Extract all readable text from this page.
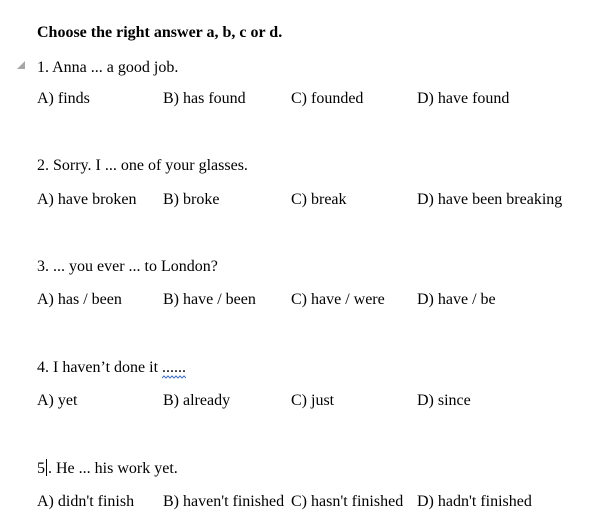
Choose the right answer a, b, c or d.
1. Anna ... a good job.
A) finds	B) has found	C) founded	D) have found
2. Sorry. I ... one of your glasses.
A) have broken B) broke	C) break	D) have been breaking
3. ... you ever ... to London?
A) has / been	B) have / been C) have / were D) have / be
4. I haven’t done it ......
A) yet	B) already	C) just	D) since
5 . He ... his work yet.
A) didn't finish B) haven't finished C) hasn't finished D) hadn't finished
